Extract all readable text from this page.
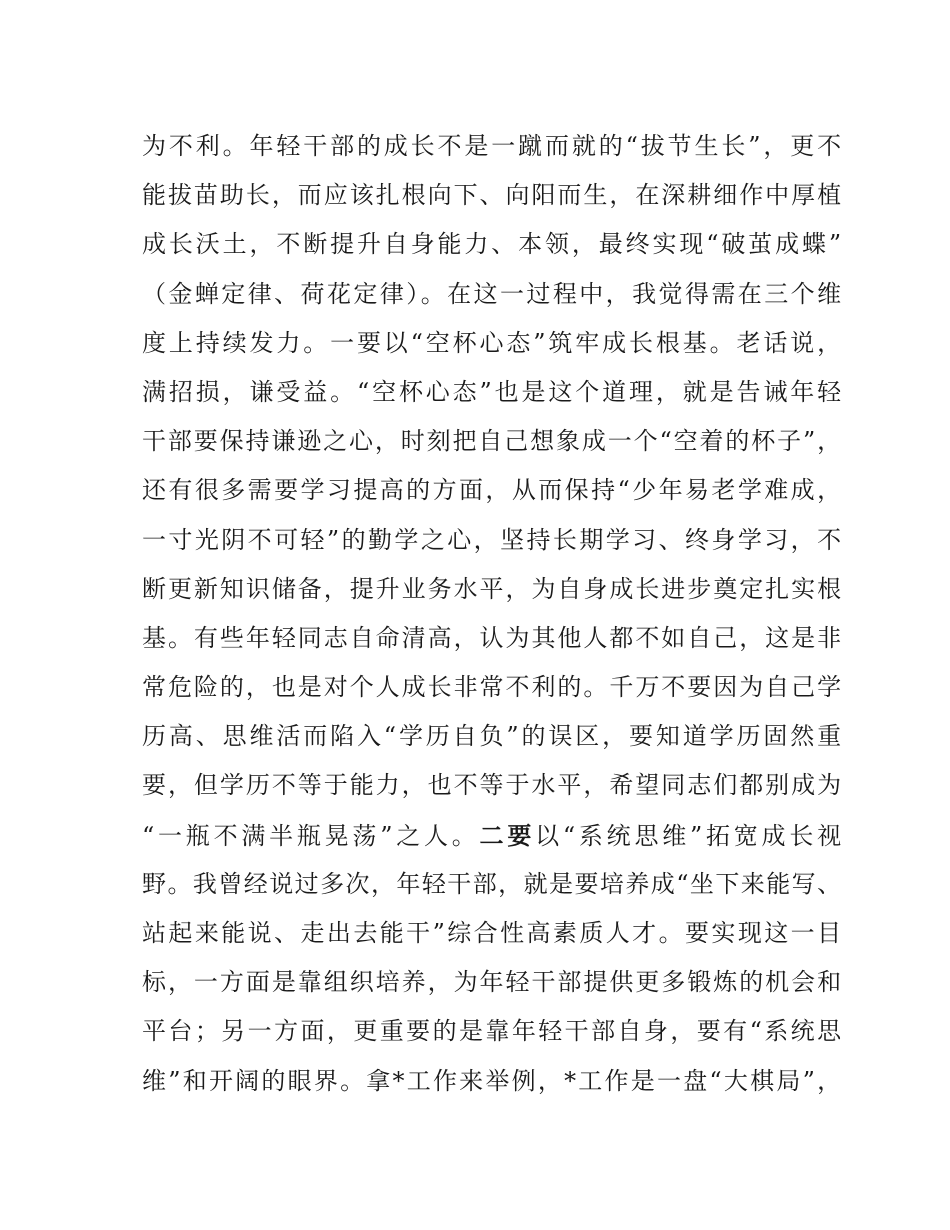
为不利。年轻干部的成长不是一蹴而就的“拔节生长”，更不
能拔苗助长，而应该扎根向下、向阳而生，在深耕细作中厚植
成长沃土，不断提升自身能力、本领，最终实现“破茧成蝶”
（金蝉定律、荷花定律）。在这一过程中，我觉得需在三个维
度上持续发力。一要以“空杯心态”筑牢成长根基。老话说，
满招损，谦受益。“空杯心态”也是这个道理，就是告诫年轻
干部要保持谦逊之心，时刻把自己想象成一个“空着的杯子”，
还有很多需要学习提高的方面，从而保持“少年易老学难成，
一寸光阴不可轻”的勤学之心，坚持长期学习、终身学习，不
断更新知识储备，提升业务水平，为自身成长进步奠定扎实根
基。有些年轻同志自命清高，认为其他人都不如自己，这是非
常危险的，也是对个人成长非常不利的。千万不要因为自己学
历高、思维活而陷入“学历自负”的误区，要知道学历固然重
要，但学历不等于能力，也不等于水平，希望同志们都别成为
“一瓶不满半瓶晃荡”之人。二要以“系统思维”拓宽成长视
野。我曾经说过多次，年轻干部，就是要培养成“坐下来能写、
站起来能说、走出去能干”综合性高素质人才。要实现这一目
标，一方面是靠组织培养，为年轻干部提供更多锻炼的机会和
平台；另一方面，更重要的是靠年轻干部自身，要有“系统思
维”和开阔的眼界。拿*工作来举例，*工作是一盘“大棋局”，
